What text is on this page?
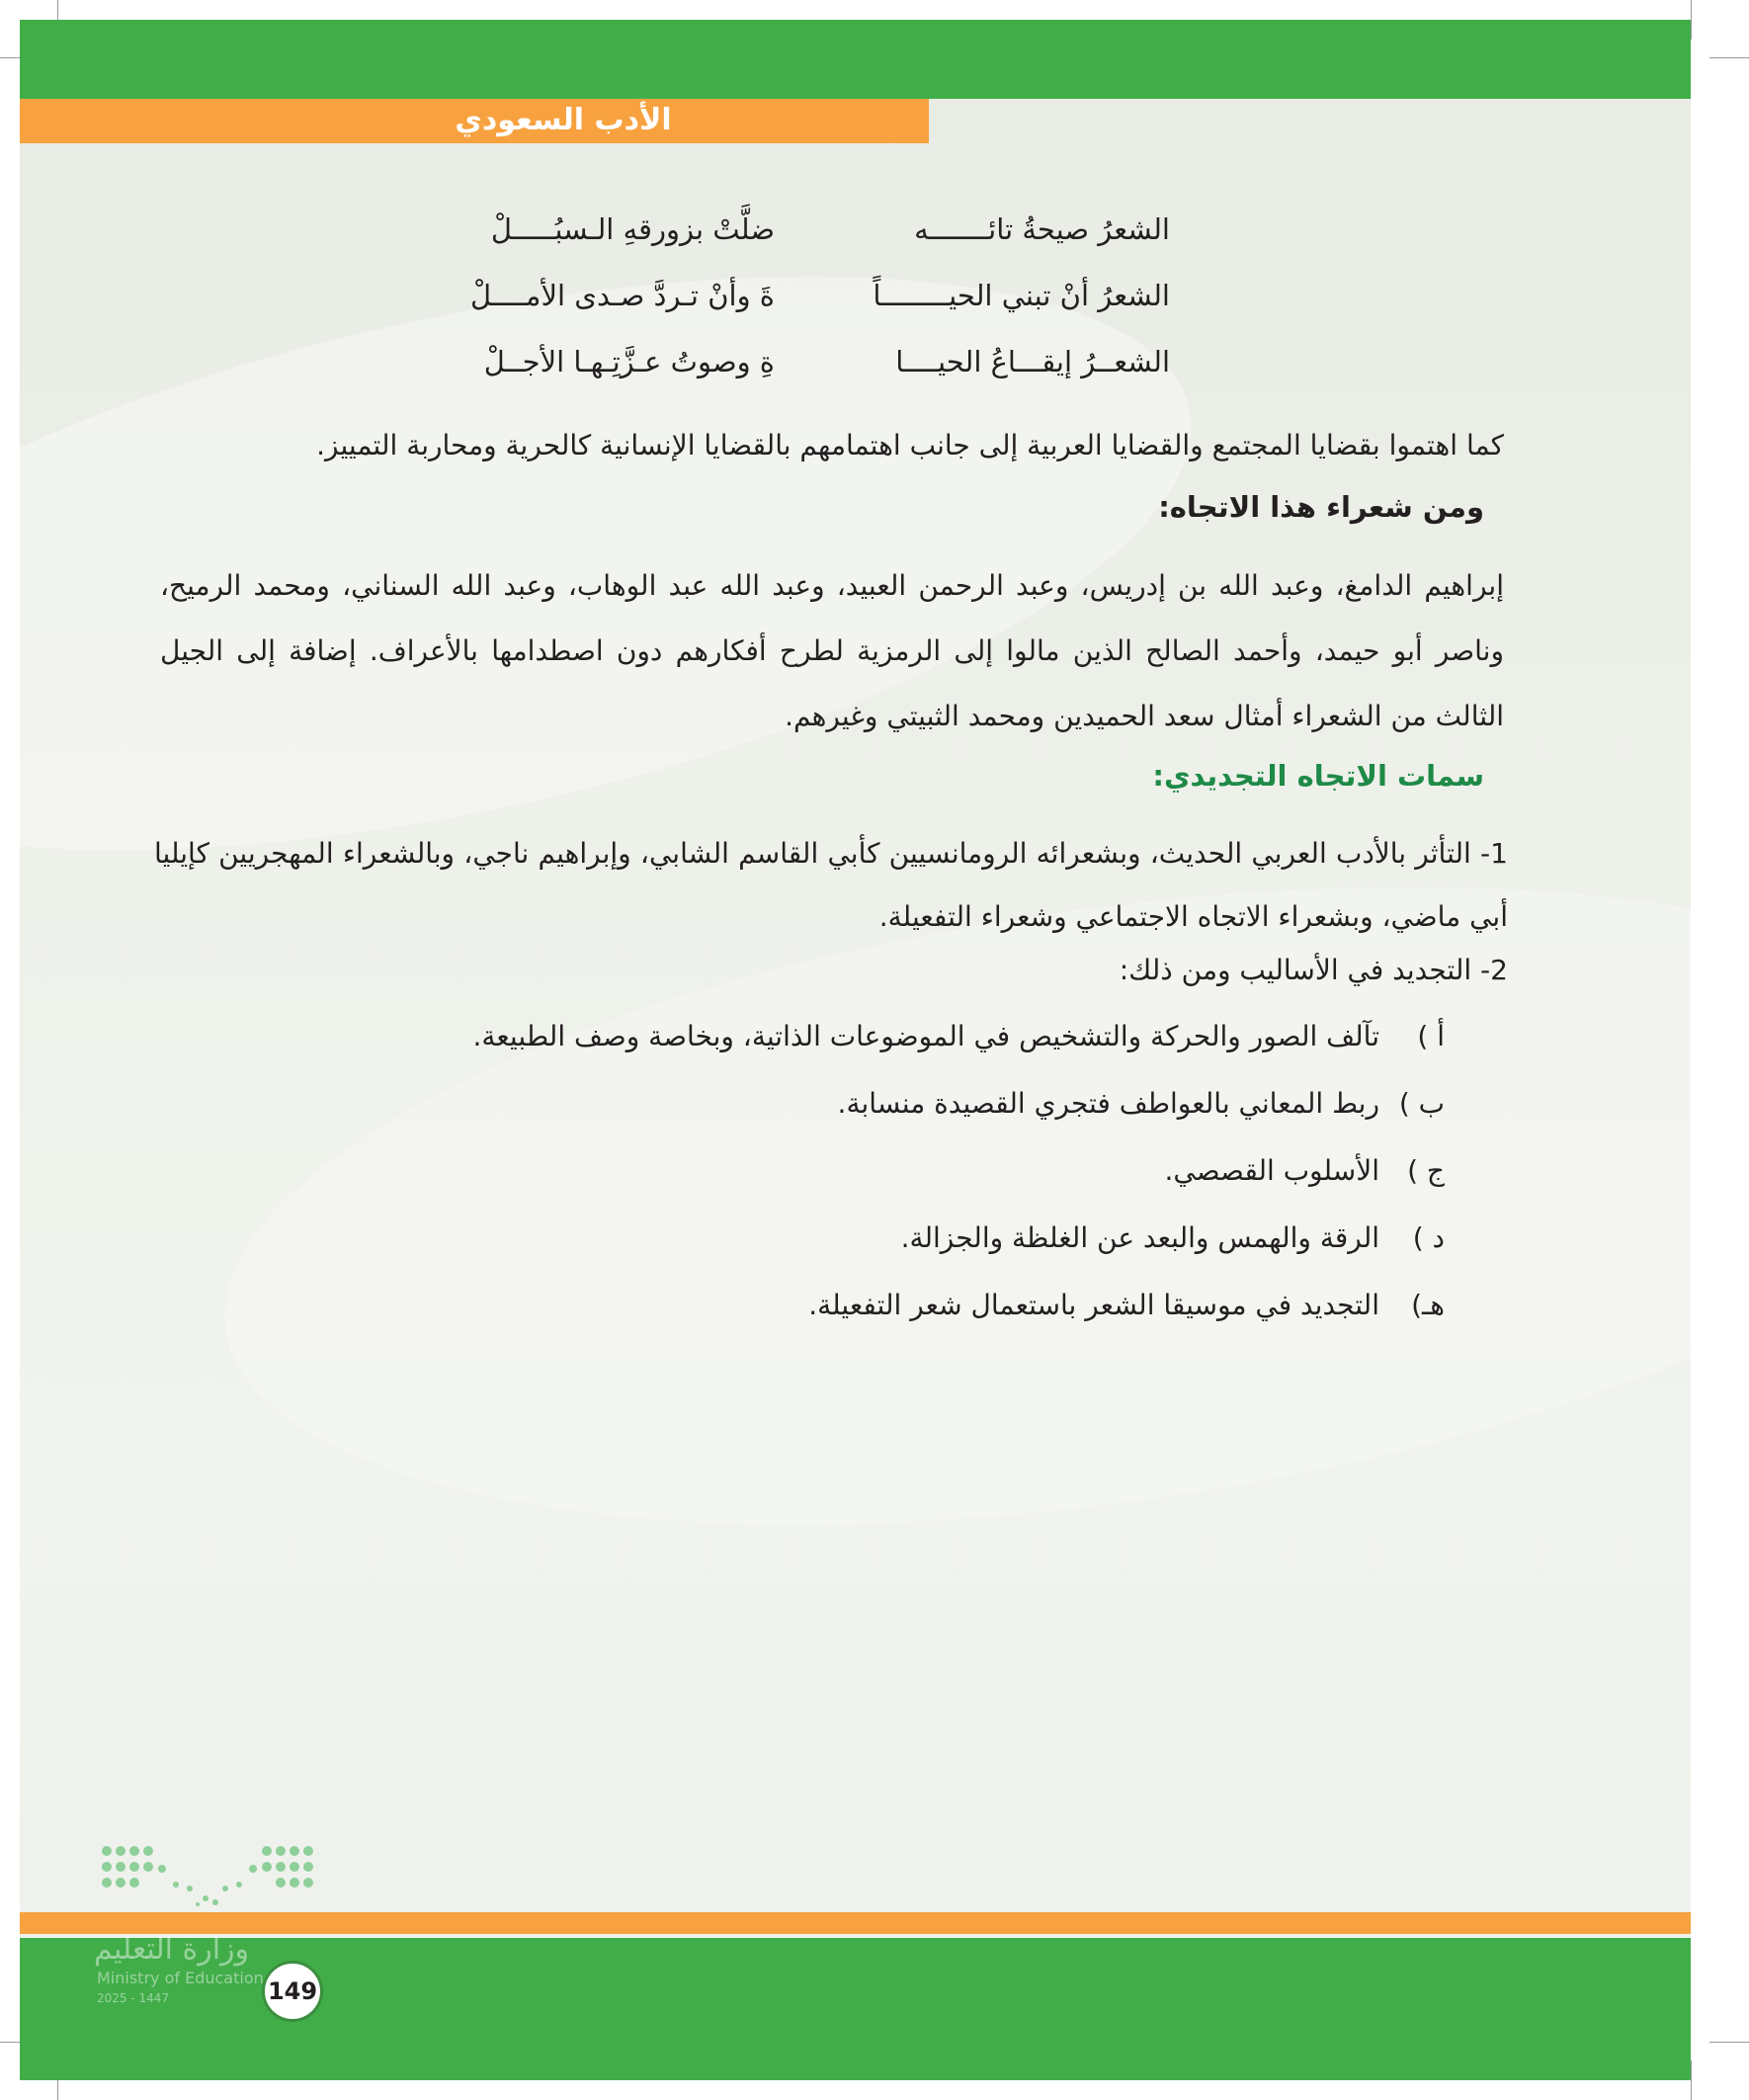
الأدب السعودي
الشعرُ صيحةُ تائـــــــه
ضلَّتْ بزورقهِ الـسبُـــــلْ
الشعرُ أنْ تبني الحيــــــــاً
ةَ وأنْ تـردَّ صـدى الأمــــلْ
الشعــرُ إيقـــاعُ الحيــــا
ةِ وصوتُ عـزَّتِـهـا الأجــلْ
كما اهتموا بقضايا المجتمع والقضايا العربية إلى جانب اهتمامهم بالقضايا الإنسانية كالحرية ومحاربة التمييز.
ومن شعراء هذا الاتجاه:
إبراهيم الدامغ، وعبد الله بن إدريس، وعبد الرحمن العبيد، وعبد الله عبد الوهاب، وعبد الله السناني، ومحمد الرميح، وناصر أبو حيمد، وأحمد الصالح الذين مالوا إلى الرمزية لطرح أفكارهم دون اصطدامها بالأعراف. إضافة إلى الجيل الثالث من الشعراء أمثال سعد الحميدين ومحمد الثبيتي وغيرهم.
سمات الاتجاه التجديدي:
1- التأثر بالأدب العربي الحديث، وبشعرائه الرومانسيين كأبي القاسم الشابي، وإبراهيم ناجي، وبالشعراء المهجريين كإيليا أبي ماضي، وبشعراء الاتجاه الاجتماعي وشعراء التفعيلة.
2- التجديد في الأساليب ومن ذلك:
أ )
تآلف الصور والحركة والتشخيص في الموضوعات الذاتية، وبخاصة وصف الطبيعة.
ب )
ربط المعاني بالعواطف فتجري القصيدة منسابة.
ج )
الأسلوب القصصي.
د )
الرقة والهمس والبعد عن الغلظة والجزالة.
هـ)
التجديد في موسيقا الشعر باستعمال شعر التفعيلة.
وزارة التعليم
Ministry of Education
2025 - 1447	149
